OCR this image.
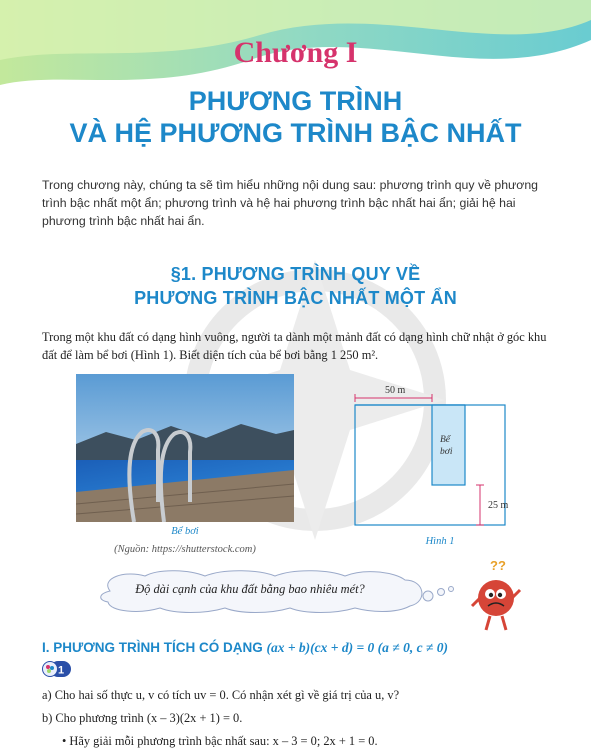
Chương I
PHƯƠNG TRÌNH
VÀ HỆ PHƯƠNG TRÌNH BẬC NHẤT
Trong chương này, chúng ta sẽ tìm hiểu những nội dung sau: phương trình quy về phương trình bậc nhất một ẩn; phương trình và hệ hai phương trình bậc nhất hai ẩn; giải hệ hai phương trình bậc nhất hai ẩn.
§1. PHƯƠNG TRÌNH QUY VỀ
PHƯƠNG TRÌNH BẬC NHẤT MỘT ẨN
Trong một khu đất có dạng hình vuông, người ta dành một mảnh đất có dạng hình chữ nhật ở góc khu đất để làm bể bơi (Hình 1). Biết diện tích của bể bơi bằng 1 250 m².
Bể bơi
(Nguồn: https://shutterstock.com)
50 m
Bể
bơi
25 m
Hình 1
Độ dài cạnh của khu đất bằng bao nhiêu mét?
??
I. PHƯƠNG TRÌNH TÍCH CÓ DẠNG (ax + b)(cx + d) = 0 (a ≠ 0, c ≠ 0)
1
a) Cho hai số thực u, v có tích uv = 0. Có nhận xét gì về giá trị của u, v?
b) Cho phương trình (x – 3)(2x + 1) = 0.
• Hãy giải mỗi phương trình bậc nhất sau: x – 3 = 0; 2x + 1 = 0.
